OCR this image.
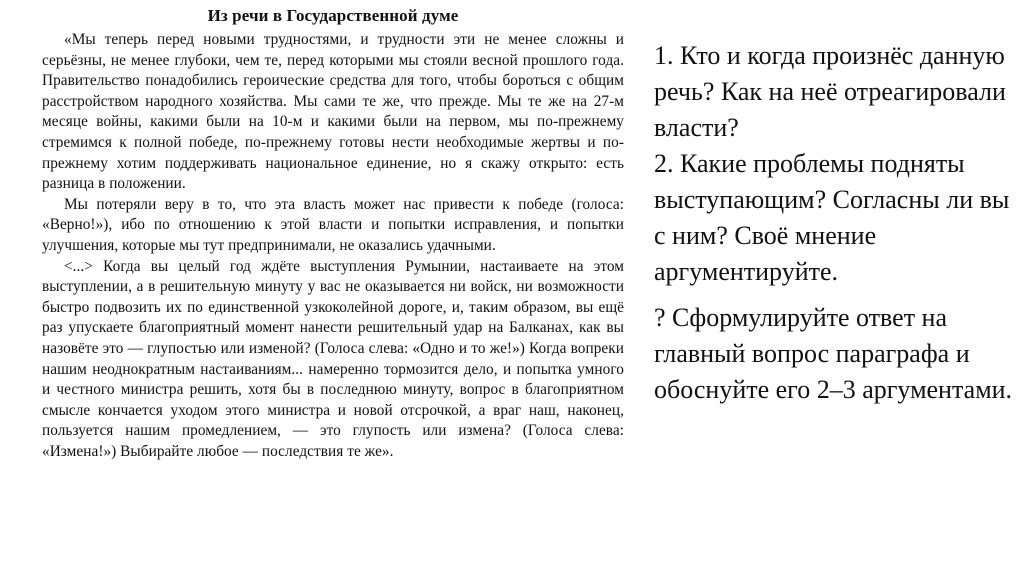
Из речи в Государственной думе

«Мы теперь перед новыми трудностями, и трудности эти не менее сложны и серьёзны, не менее глубоки, чем те, перед которыми мы стояли весной прошлого года. Правительство понадобились героические средства для того, чтобы бороться с общим расстройством народного хозяйства. Мы сами те же, что прежде. Мы те же на 27-м месяце войны, какими были на 10-м и какими были на первом, мы по-прежнему стремимся к полной победе, по-прежнему готовы нести необходимые жертвы и по-прежнему хотим поддерживать национальное единение, но я скажу открыто: есть разница в положении.

Мы потеряли веру в то, что эта власть может нас привести к победе (голоса: «Верно!»), ибо по отношению к этой власти и попытки исправления, и попытки улучшения, которые мы тут предпринимали, не оказались удачными.

<...> Когда вы целый год ждёте выступления Румынии, настаиваете на этом выступлении, а в решительную минуту у вас не оказывается ни войск, ни возможности быстро подвозить их по единственной узкоколейной дороге, и, таким образом, вы ещё раз упускаете благоприятный момент нанести решительный удар на Балканах, как вы назовёте это — глупостью или изменой? (Голоса слева: «Одно и то же!») Когда вопреки нашим неоднократным настаиваниям... намеренно тормозится дело, и попытка умного и честного министра решить, хотя бы в последнюю минуту, вопрос в благоприятном смысле кончается уходом этого министра и новой отсрочкой, а враг наш, наконец, пользуется нашим промедлением, — это глупость или измена? (Голоса слева: «Измена!») Выбирайте любое — последствия те же».

1. Кто и когда произнёс данную речь? Как на неё отреагировали власти?

2. Какие проблемы подняты выступающим? Согласны ли вы с ним? Своё мнение аргументируйте.

? Сформулируйте ответ на главный вопрос параграфа и обоснуйте его 2–3 аргументами.
